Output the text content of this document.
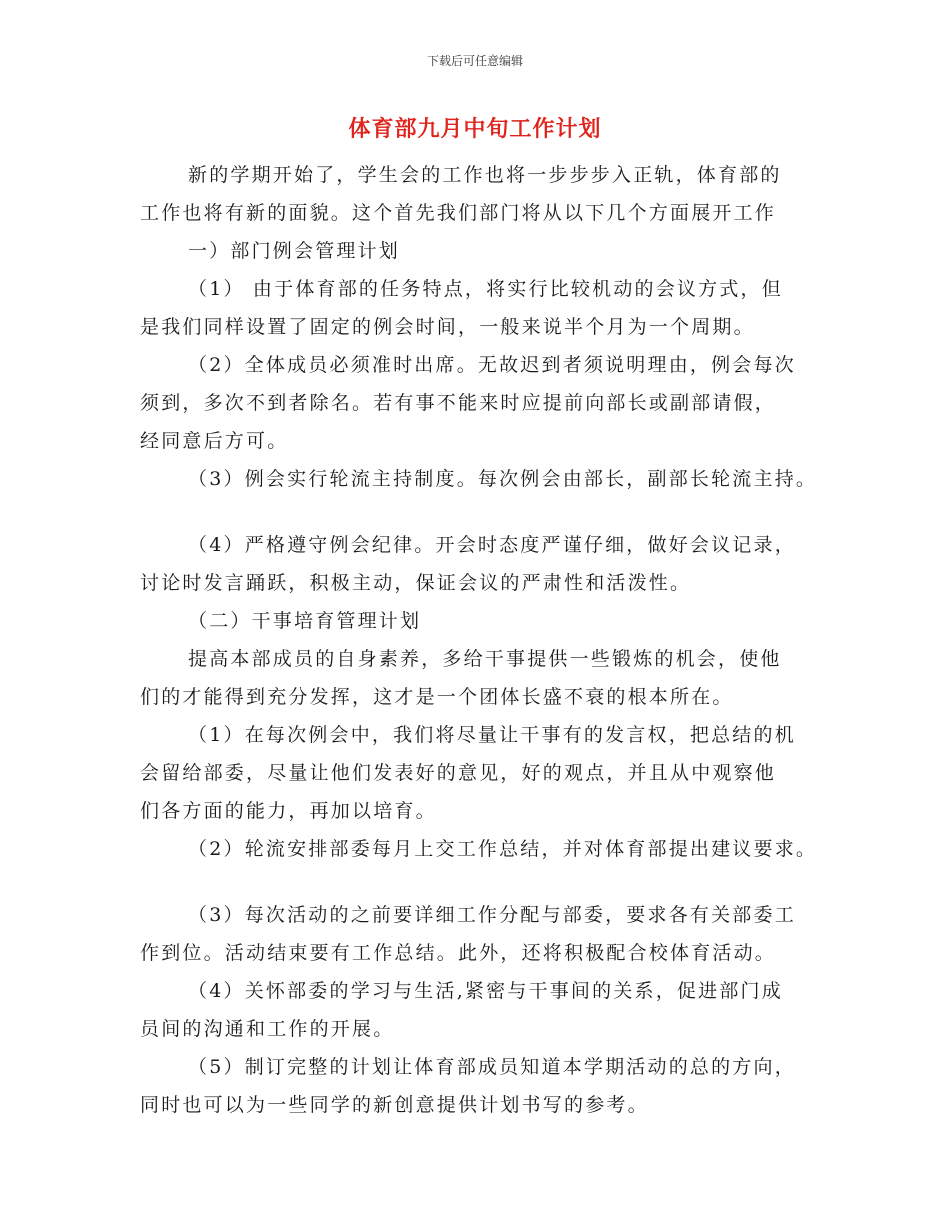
下载后可任意编辑
体育部九月中旬工作计划
新的学期开始了，学生会的工作也将一步步步入正轨，体育部的
工作也将有新的面貌。这个首先我们部门将从以下几个方面展开工作
一）部门例会管理计划
（1） 由于体育部的任务特点，将实行比较机动的会议方式，但
是我们同样设置了固定的例会时间，一般来说半个月为一个周期。
（2）全体成员必须准时出席。无故迟到者须说明理由，例会每次
须到，多次不到者除名。若有事不能来时应提前向部长或副部请假，
经同意后方可。
（3）例会实行轮流主持制度。每次例会由部长，副部长轮流主持。
（4）严格遵守例会纪律。开会时态度严谨仔细，做好会议记录，
讨论时发言踊跃，积极主动，保证会议的严肃性和活泼性。
（二）干事培育管理计划
提高本部成员的自身素养，多给干事提供一些锻炼的机会，使他
们的才能得到充分发挥，这才是一个团体长盛不衰的根本所在。
（1）在每次例会中，我们将尽量让干事有的发言权，把总结的机
会留给部委，尽量让他们发表好的意见，好的观点，并且从中观察他
们各方面的能力，再加以培育。
（2）轮流安排部委每月上交工作总结，并对体育部提出建议要求。
（3）每次活动的之前要详细工作分配与部委，要求各有关部委工
作到位。活动结束要有工作总结。此外，还将积极配合校体育活动。
（4）关怀部委的学习与生活,紧密与干事间的关系，促进部门成
员间的沟通和工作的开展。
（5）制订完整的计划让体育部成员知道本学期活动的总的方向，
同时也可以为一些同学的新创意提供计划书写的参考。
